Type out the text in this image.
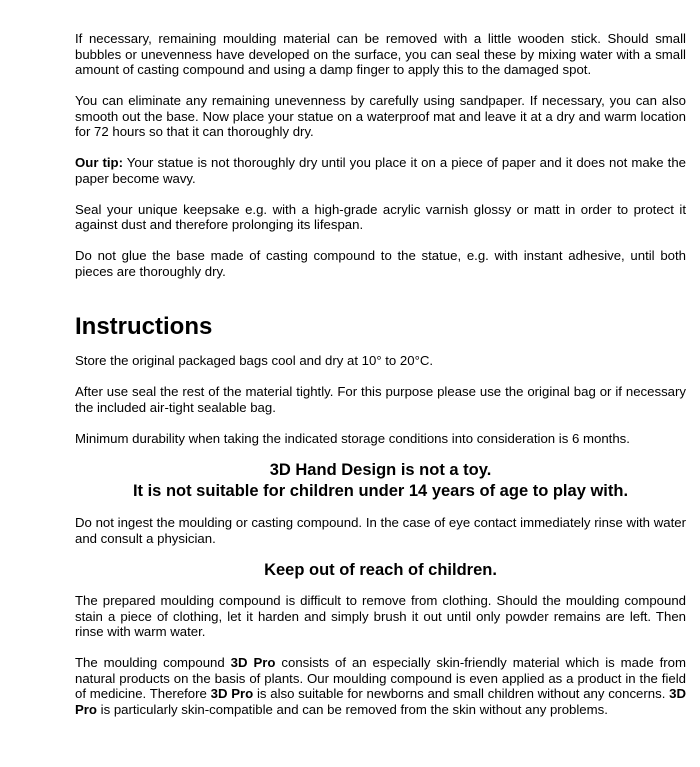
If necessary, remaining moulding material can be removed with a little wooden stick. Should small bubbles or unevenness have developed on the surface, you can seal these by mixing water with a small amount of casting compound and using a damp finger to apply this to the damaged spot.

You can eliminate any remaining unevenness by carefully using sandpaper. If necessary, you can also smooth out the base. Now place your statue on a waterproof mat and leave it at a dry and warm location for 72 hours so that it can thoroughly dry.

Our tip: Your statue is not thoroughly dry until you place it on a piece of paper and it does not make the paper become wavy.

Seal your unique keepsake e.g. with a high-grade acrylic varnish glossy or matt in order to protect it against dust and therefore prolonging its lifespan.

Do not glue the base made of casting compound to the statue, e.g. with instant adhesive, until both pieces are thoroughly dry.

Instructions

Store the original packaged bags cool and dry at 10° to 20°C.

After use seal the rest of the material tightly. For this purpose please use the original bag or if necessary the included air-tight sealable bag.

Minimum durability when taking the indicated storage conditions into consideration is 6 months.

3D Hand Design is not a toy.
It is not suitable for children under 14 years of age to play with.

Do not ingest the moulding or casting compound. In the case of eye contact immediately rinse with water and consult a physician.

Keep out of reach of children.

The prepared moulding compound is difficult to remove from clothing. Should the moulding compound stain a piece of clothing, let it harden and simply brush it out until only powder remains are left. Then rinse with warm water.

The moulding compound 3D Pro consists of an especially skin-friendly material which is made from natural products on the basis of plants. Our moulding compound is even applied as a product in the field of medicine. Therefore 3D Pro is also suitable for newborns and small children without any concerns. 3D Pro is particularly skin-compatible and can be removed from the skin without any problems.
